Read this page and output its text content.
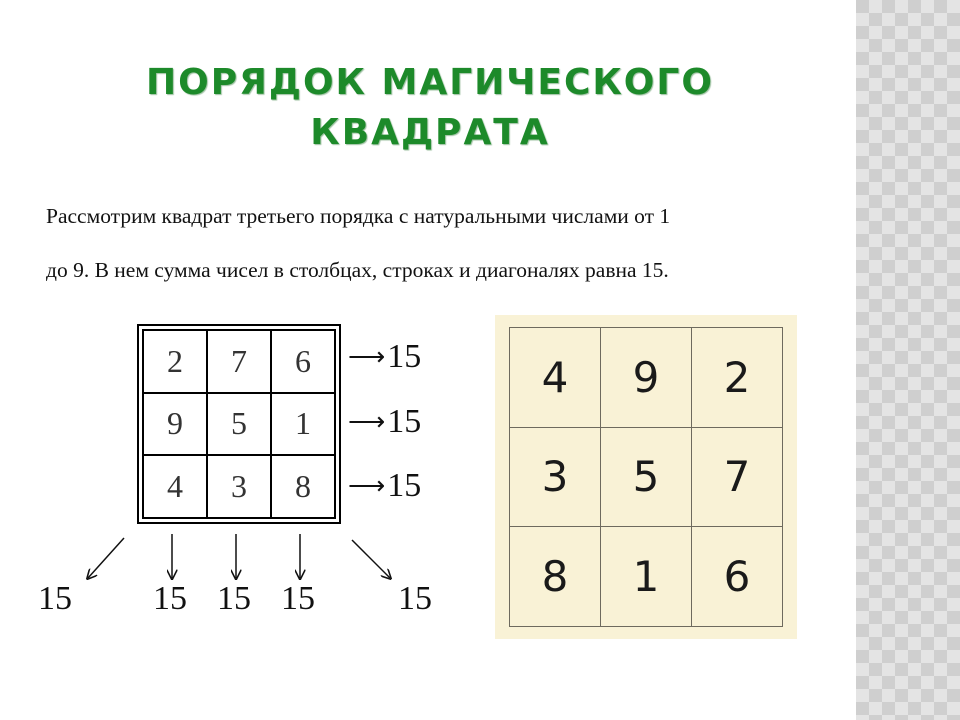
ПОРЯДОК МАГИЧЕСКОГО
КВАДРАТА
Рассмотрим квадрат третьего порядка с натуральными числами от 1
до 9. В нем сумма чисел в столбцах, строках и диагоналях равна 15.
2	7	6
9	5	1
4	3	8
⟶ 15
⟶ 15
⟶ 15
15 15 15 15 15
4	9	2
3	5	7
8	1	6
